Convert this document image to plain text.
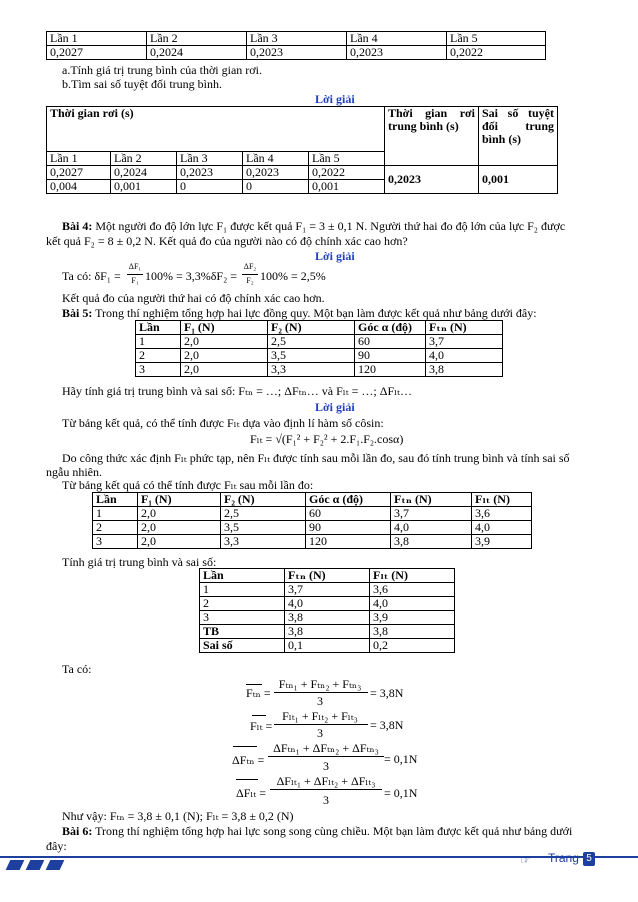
Lần 1	Lần 2	Lần 3	Lần 4	Lần 5
0,2027	0,2024	0,2023	0,2023	0,2022
a.Tính giá trị trung bình của thời gian rơi.
b.Tìm sai số tuyệt đối trung bình.
Lời giải
Thời gian rơi (s)					Thời gian rơi trung bình (s)	Sai số tuyệt đối trung bình (s)
Lần 1	Lần 2	Lần 3	Lần 4	Lần 5		
0,2027	0,2024	0,2023	0,2023	0,2022	0,2023	0,001
0,004	0,001	0	0	0,001		
Bài 4: Một người đo độ lớn lực F₁ được kết quả F₁ = 3 ± 0,1 N. Người thứ hai đo độ lớn của lực F₂ được
kết quả F₂ = 8 ± 0,2 N. Kết quả đo của người nào có độ chính xác cao hơn?
Lời giải
Ta có: δF₁ =
ΔF₁
F₁ 100% = 3,3%δF₂ =
ΔF₂
F₂ 100% = 2,5%
Kết quả đo của người thứ hai có độ chính xác cao hơn.
Bài 5: Trong thí nghiệm tổng hợp hai lực đồng quy. Một bạn làm được kết quả như bảng dưới đây:
Lần	F₁ (N)	F₂ (N)	Góc α (độ)	Fₜₙ (N)
1	2,0	2,5	60	3,7
2	2,0	3,5	90	4,0
3	2,0	3,3	120	3,8
Hãy tính giá trị trung bình và sai số: Fₜₙ = …; ΔFₜₙ… và Fₗₜ = …; ΔFₗₜ…
Lời giải
Từ bảng kết quả, có thể tính được Fₗₜ dựa vào định lí hàm số côsin:
Fₗₜ = √(F₁² + F₂² + 2.F₁.F₂.cosα)
Do công thức xác định Fₗₜ phức tạp, nên Fₗₜ được tính sau mỗi lần đo, sau đó tính trung bình và tính sai số
ngẫu nhiên.
Từ bảng kết quả có thể tính được Fₗₜ sau mỗi lần đo:
Lần	F₁ (N)	F₂ (N)	Góc α (độ)	Fₜₙ (N)	Fₗₜ (N)
1	2,0	2,5	60	3,7	3,6
2	2,0	3,5	90	4,0	4,0
3	2,0	3,3	120	3,8	3,9
Tính giá trị trung bình và sai số:
Lần	Fₜₙ (N)	Fₗₜ (N)
1	3,7	3,6
2	4,0	4,0
3	3,8	3,9
TB	3,8	3,8
Sai số	0,1	0,2
Ta có:
Fₜₙ =
Fₜₙ₁ + Fₜₙ₂ + Fₜₙ₃
3
= 3,8N
Fₗₜ =
Fₗₜ₁ + Fₗₜ₂ + Fₗₜ₃
3
= 3,8N
ΔFₜₙ =
ΔFₜₙ₁ + ΔFₜₙ₂ + ΔFₜₙ₃
3	= 0,1N
ΔFₗₜ =
ΔFₗₜ₁ + ΔFₗₜ₂ + ΔFₗₜ₃
3	= 0,1N
Như vậy: Fₜₙ = 3,8 ± 0,1 (N); Fₗₜ = 3,8 ± 0,2 (N)
Bài 6: Trong thí nghiệm tổng hợp hai lực song song cùng chiều. Một bạn làm được kết quả như bảng dưới
đây:
☞ Trang 5
